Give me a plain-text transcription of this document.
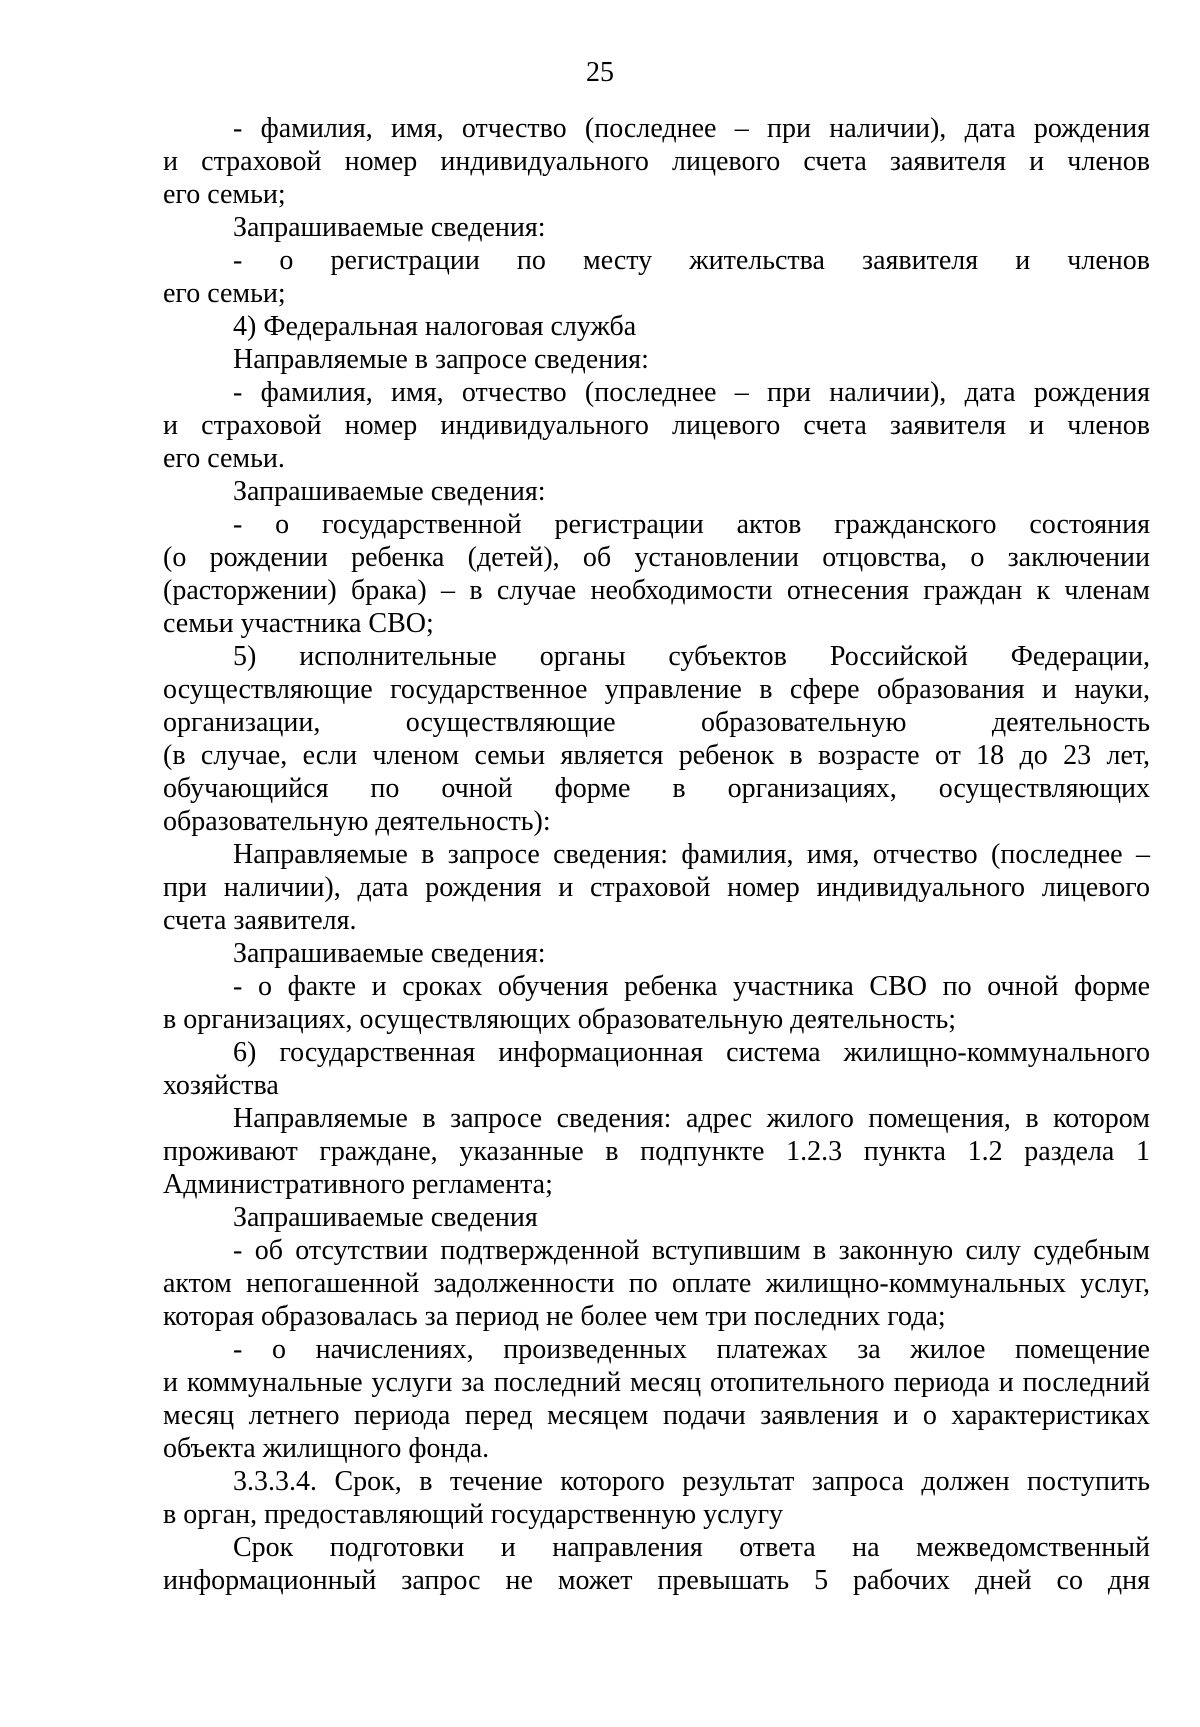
25
- фамилия, имя, отчество (последнее – при наличии), дата рождения
и страховой номер индивидуального лицевого счета заявителя и членов
его семьи;
Запрашиваемые сведения:
- о регистрации по месту жительства заявителя и членов
его семьи;
4) Федеральная налоговая служба
Направляемые в запросе сведения:
- фамилия, имя, отчество (последнее – при наличии), дата рождения
и страховой номер индивидуального лицевого счета заявителя и членов
его семьи.
Запрашиваемые сведения:
- о государственной регистрации актов гражданского состояния
(о рождении ребенка (детей), об установлении отцовства, о заключении
(расторжении) брака) – в случае необходимости отнесения граждан к членам
семьи участника СВО;
5) исполнительные органы субъектов Российской Федерации,
осуществляющие государственное управление в сфере образования и науки,
организации, осуществляющие образовательную деятельность
(в случае, если членом семьи является ребенок в возрасте от 18 до 23 лет,
обучающийся по очной форме в организациях, осуществляющих
образовательную деятельность):
Направляемые в запросе сведения: фамилия, имя, отчество (последнее –
при наличии), дата рождения и страховой номер индивидуального лицевого
счета заявителя.
Запрашиваемые сведения:
- о факте и сроках обучения ребенка участника СВО по очной форме
в организациях, осуществляющих образовательную деятельность;
6) государственная информационная система жилищно-коммунального
хозяйства
Направляемые в запросе сведения: адрес жилого помещения, в котором
проживают граждане, указанные в подпункте 1.2.3 пункта 1.2 раздела 1
Административного регламента;
Запрашиваемые сведения
- об отсутствии подтвержденной вступившим в законную силу судебным
актом непогашенной задолженности по оплате жилищно-коммунальных услуг,
которая образовалась за период не более чем три последних года;
- о начислениях, произведенных платежах за жилое помещение
и коммунальные услуги за последний месяц отопительного периода и последний
месяц летнего периода перед месяцем подачи заявления и о характеристиках
объекта жилищного фонда.
3.3.3.4. Срок, в течение которого результат запроса должен поступить
в орган, предоставляющий государственную услугу
Срок подготовки и направления ответа на межведомственный
информационный запрос не может превышать 5 рабочих дней со дня
